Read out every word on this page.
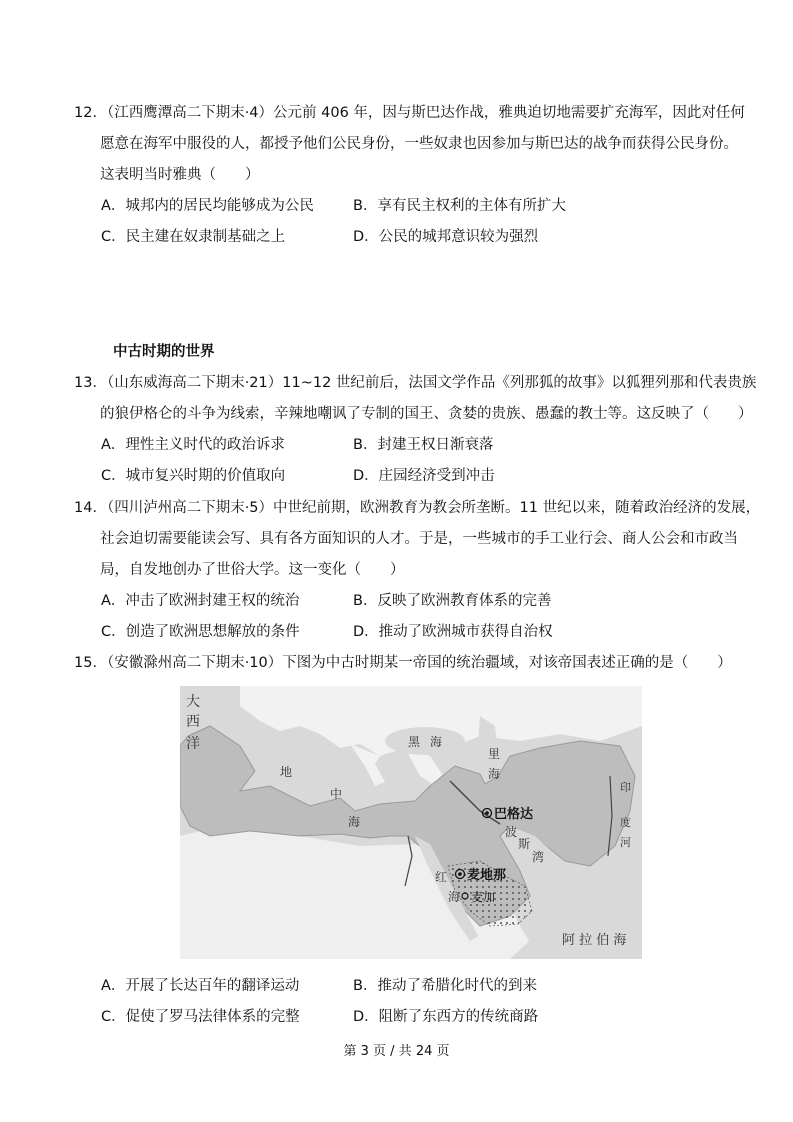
12．（江西鹰潭高二下期末·4）公元前 406 年，因与斯巴达作战，雅典迫切地需要扩充海军，因此对任何
愿意在海军中服役的人，都授予他们公民身份，一些奴隶也因参加与斯巴达的战争而获得公民身份。
这表明当时雅典（　　）
A．城邦内的居民均能够成为公民	B．享有民主权利的主体有所扩大
C．民主建在奴隶制基础之上	D．公民的城邦意识较为强烈
中古时期的世界
13．（山东威海高二下期末·21）11~12 世纪前后，法国文学作品《列那狐的故事》以狐狸列那和代表贵族
的狼伊格仑的斗争为线索，辛辣地嘲讽了专制的国王、贪婪的贵族、愚蠢的教士等。这反映了（　　）
A．理性主义时代的政治诉求	B．封建王权日渐衰落
C．城市复兴时期的价值取向	D．庄园经济受到冲击
14．（四川泸州高二下期末·5）中世纪前期，欧洲教育为教会所垄断。11 世纪以来，随着政治经济的发展，
社会迫切需要能读会写、具有各方面知识的人才。于是，一些城市的手工业行会、商人公会和市政当
局，自发地创办了世俗大学。这一变化（　　）
A．冲击了欧洲封建王权的统治	B．反映了欧洲教育体系的完善
C．创造了欧洲思想解放的条件	D．推动了欧洲城市获得自治权
15．（安徽滁州高二下期末·10）下图为中古时期某一帝国的统治疆域，对该帝国表述正确的是（　　）
大
西
洋
地
中
海
黑 海
里
海
巴格达
麦地那
麦加
波
斯
湾
红
海
阿 拉 伯 海
印
度
河
A．开展了长达百年的翻译运动	B．推动了希腊化时代的到来
C．促使了罗马法律体系的完整	D．阻断了东西方的传统商路
第 3 页 / 共 24 页
